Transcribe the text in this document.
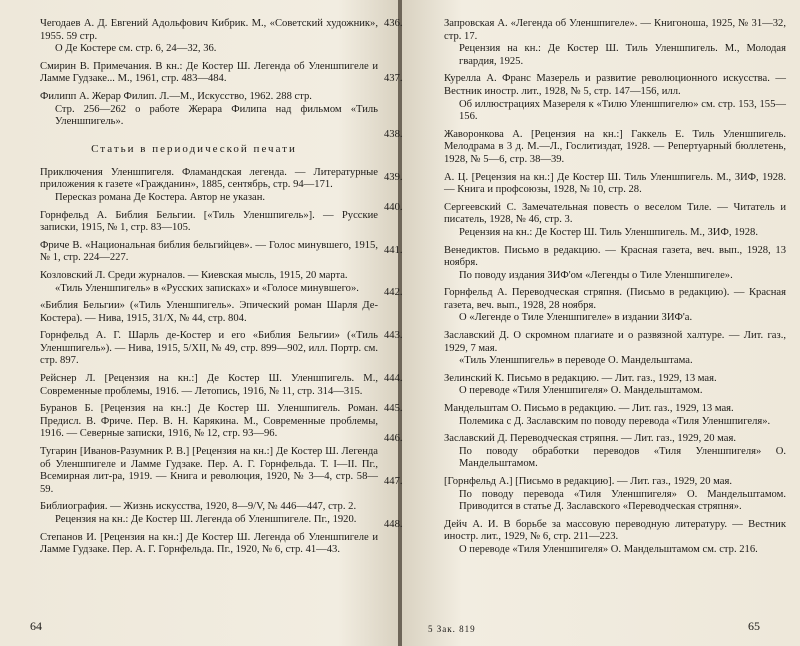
Чегодаев А. Д. Евгений Адольфович Кибрик. М., «Советский художник», 1955. 59 стр.

О Де Костере см. стр. 6, 24—32, 36.

Смирин В. Примечания. В кн.: Де Костер Ш. Легенда об Уленшпигеле и Ламме Гудзаке... М., 1961, стр. 483—484.

Филипп А. Жерар Филип. Л.—М., Искусство, 1962. 288 стр.

Стр. 256—262 о работе Жерара Филипа над фильмом «Тиль Уленшпигель».

Статьи в периодической печати

Приключения Уленшпигеля. Фламандская легенда. — Литературные приложения к газете «Гражданин», 1885, сентябрь, стр. 94—171.

Пересказ романа Де Костера. Автор не указан.

Горнфельд А. Библия Бельгии. [«Тиль Уленшпигель»]. — Русские записки, 1915, № 1, стр. 83—105.

Фриче В. «Национальная библия бельгийцев». — Голос минувшего, 1915, № 1, стр. 224—227.

Козловский Л. Среди журналов. — Киевская мысль, 1915, 20 марта.

«Тиль Уленшпигель» в «Русских записках» и «Голосе минувшего».

«Библия Бельгии» («Тиль Уленшпигель». Эпический роман Шарля Де-Костера). — Нива, 1915, 31/X, № 44, стр. 804.

Горнфельд А. Г. Шарль де-Костер и его «Библия Бельгии» («Тиль Уленшпигель»). — Нива, 1915, 5/XII, № 49, стр. 899—902, илл. Портр. см. стр. 897.

Рейснер Л. [Рецензия на кн.:] Де Костер Ш. Уленшпигель. М., Современные проблемы, 1916. — Летопись, 1916, № 11, стр. 314—315.

Буранов Б. [Рецензия на кн.:] Де Костер Ш. Уленшпигель. Роман. Предисл. В. Фриче. Пер. В. Н. Карякина. М., Современные проблемы, 1916. — Северные записки, 1916, № 12, стр. 93—96.

Тугарин [Иванов-Разумник Р. В.] [Рецензия на кн.:] Де Костер Ш. Легенда об Уленшпигеле и Ламме Гудзаке. Пер. А. Г. Горнфельда. Т. I—II. Пг., Всемирная лит-ра, 1919. — Книга и революция, 1920, № 3—4, стр. 58—59.

Библиография. — Жизнь искусства, 1920, 8—9/V, № 446—447, стр. 2.

Рецензия на кн.: Де Костер Ш. Легенда об Уленшпигеле. Пг., 1920.

Степанов И. [Рецензия на кн.:] Де Костер Ш. Легенда об Уленшпигеле и Ламме Гудзаке. Пер. А. Г. Горнфельда. Пг., 1920, № 6, стр. 41—43.

64

436.	Запровская А. «Легенда об Уленшпигеле». — Книгоноша, 1925, № 31—32, стр. 17.

Рецензия на кн.: Де Костер Ш. Тиль Уленшпигель. М., Молодая гвардия, 1925.

437.	Курелла А. Франс Мазерель и развитие революционного искусства. — Вестник иностр. лит., 1928, № 5, стр. 147—156, илл.

Об иллюстрациях Мазереля к «Тилю Уленшпигелю» см. стр. 153, 155—156.

438.	Жаворонкова А. [Рецензия на кн.:] Гаккель Е. Тиль Уленшпигель. Мелодрама в 3 д. М.—Л., Гослитиздат, 1928. — Репертуарный бюллетень, 1928, № 5—6, стр. 38—39.

439.	А. Ц. [Рецензия на кн.:] Де Костер Ш. Тиль Уленшпигель. М., ЗИФ, 1928. — Книга и профсоюзы, 1928, № 10, стр. 28.

440.	Сергеевский С. Замечательная повесть о веселом Тиле. — Читатель и писатель, 1928, № 46, стр. 3.

Рецензия на кн.: Де Костер Ш. Тиль Уленшпигель. М., ЗИФ, 1928.

441.	Венедиктов. Письмо в редакцию. — Красная газета, веч. вып., 1928, 13 ноября.

По поводу издания ЗИФ'ом «Легенды о Тиле Уленшпигеле».

442.	Горнфельд А. Переводческая стряпня. (Письмо в редакцию). — Красная газета, веч. вып., 1928, 28 ноября.

О «Легенде о Тиле Уленшпигеле» в издании ЗИФ'а.

443.	Заславский Д. О скромном плагиате и о развязной халтуре. — Лит. газ., 1929, 7 мая.

«Тиль Уленшпигель» в переводе О. Мандельштама.

444.	Зелинский К. Письмо в редакцию. — Лит. газ., 1929, 13 мая.

О переводе «Тиля Уленшпигеля» О. Мандельштамом.

445.	Мандельштам О. Письмо в редакцию. — Лит. газ., 1929, 13 мая.

Полемика с Д. Заславским по поводу перевода «Тиля Уленшпигеля».

446.	Заславский Д. Переводческая стряпня. — Лит. газ., 1929, 20 мая.

По поводу обработки переводов «Тиля Уленшпигеля» О. Мандельштамом.

447.	[Горнфельд А.] [Письмо в редакцию]. — Лит. газ., 1929, 20 мая.

По поводу перевода «Тиля Уленшпигеля» О. Мандельштамом. Приводится в статье Д. Заславского «Переводческая стряпня».

448.	Дейч А. И. В борьбе за массовую переводную литературу. — Вестник иностр. лит., 1929, № 6, стр. 211—223.

О переводе «Тиля Уленшпигеля» О. Мандельштамом см. стр. 216.

5 Зак. 819	65
